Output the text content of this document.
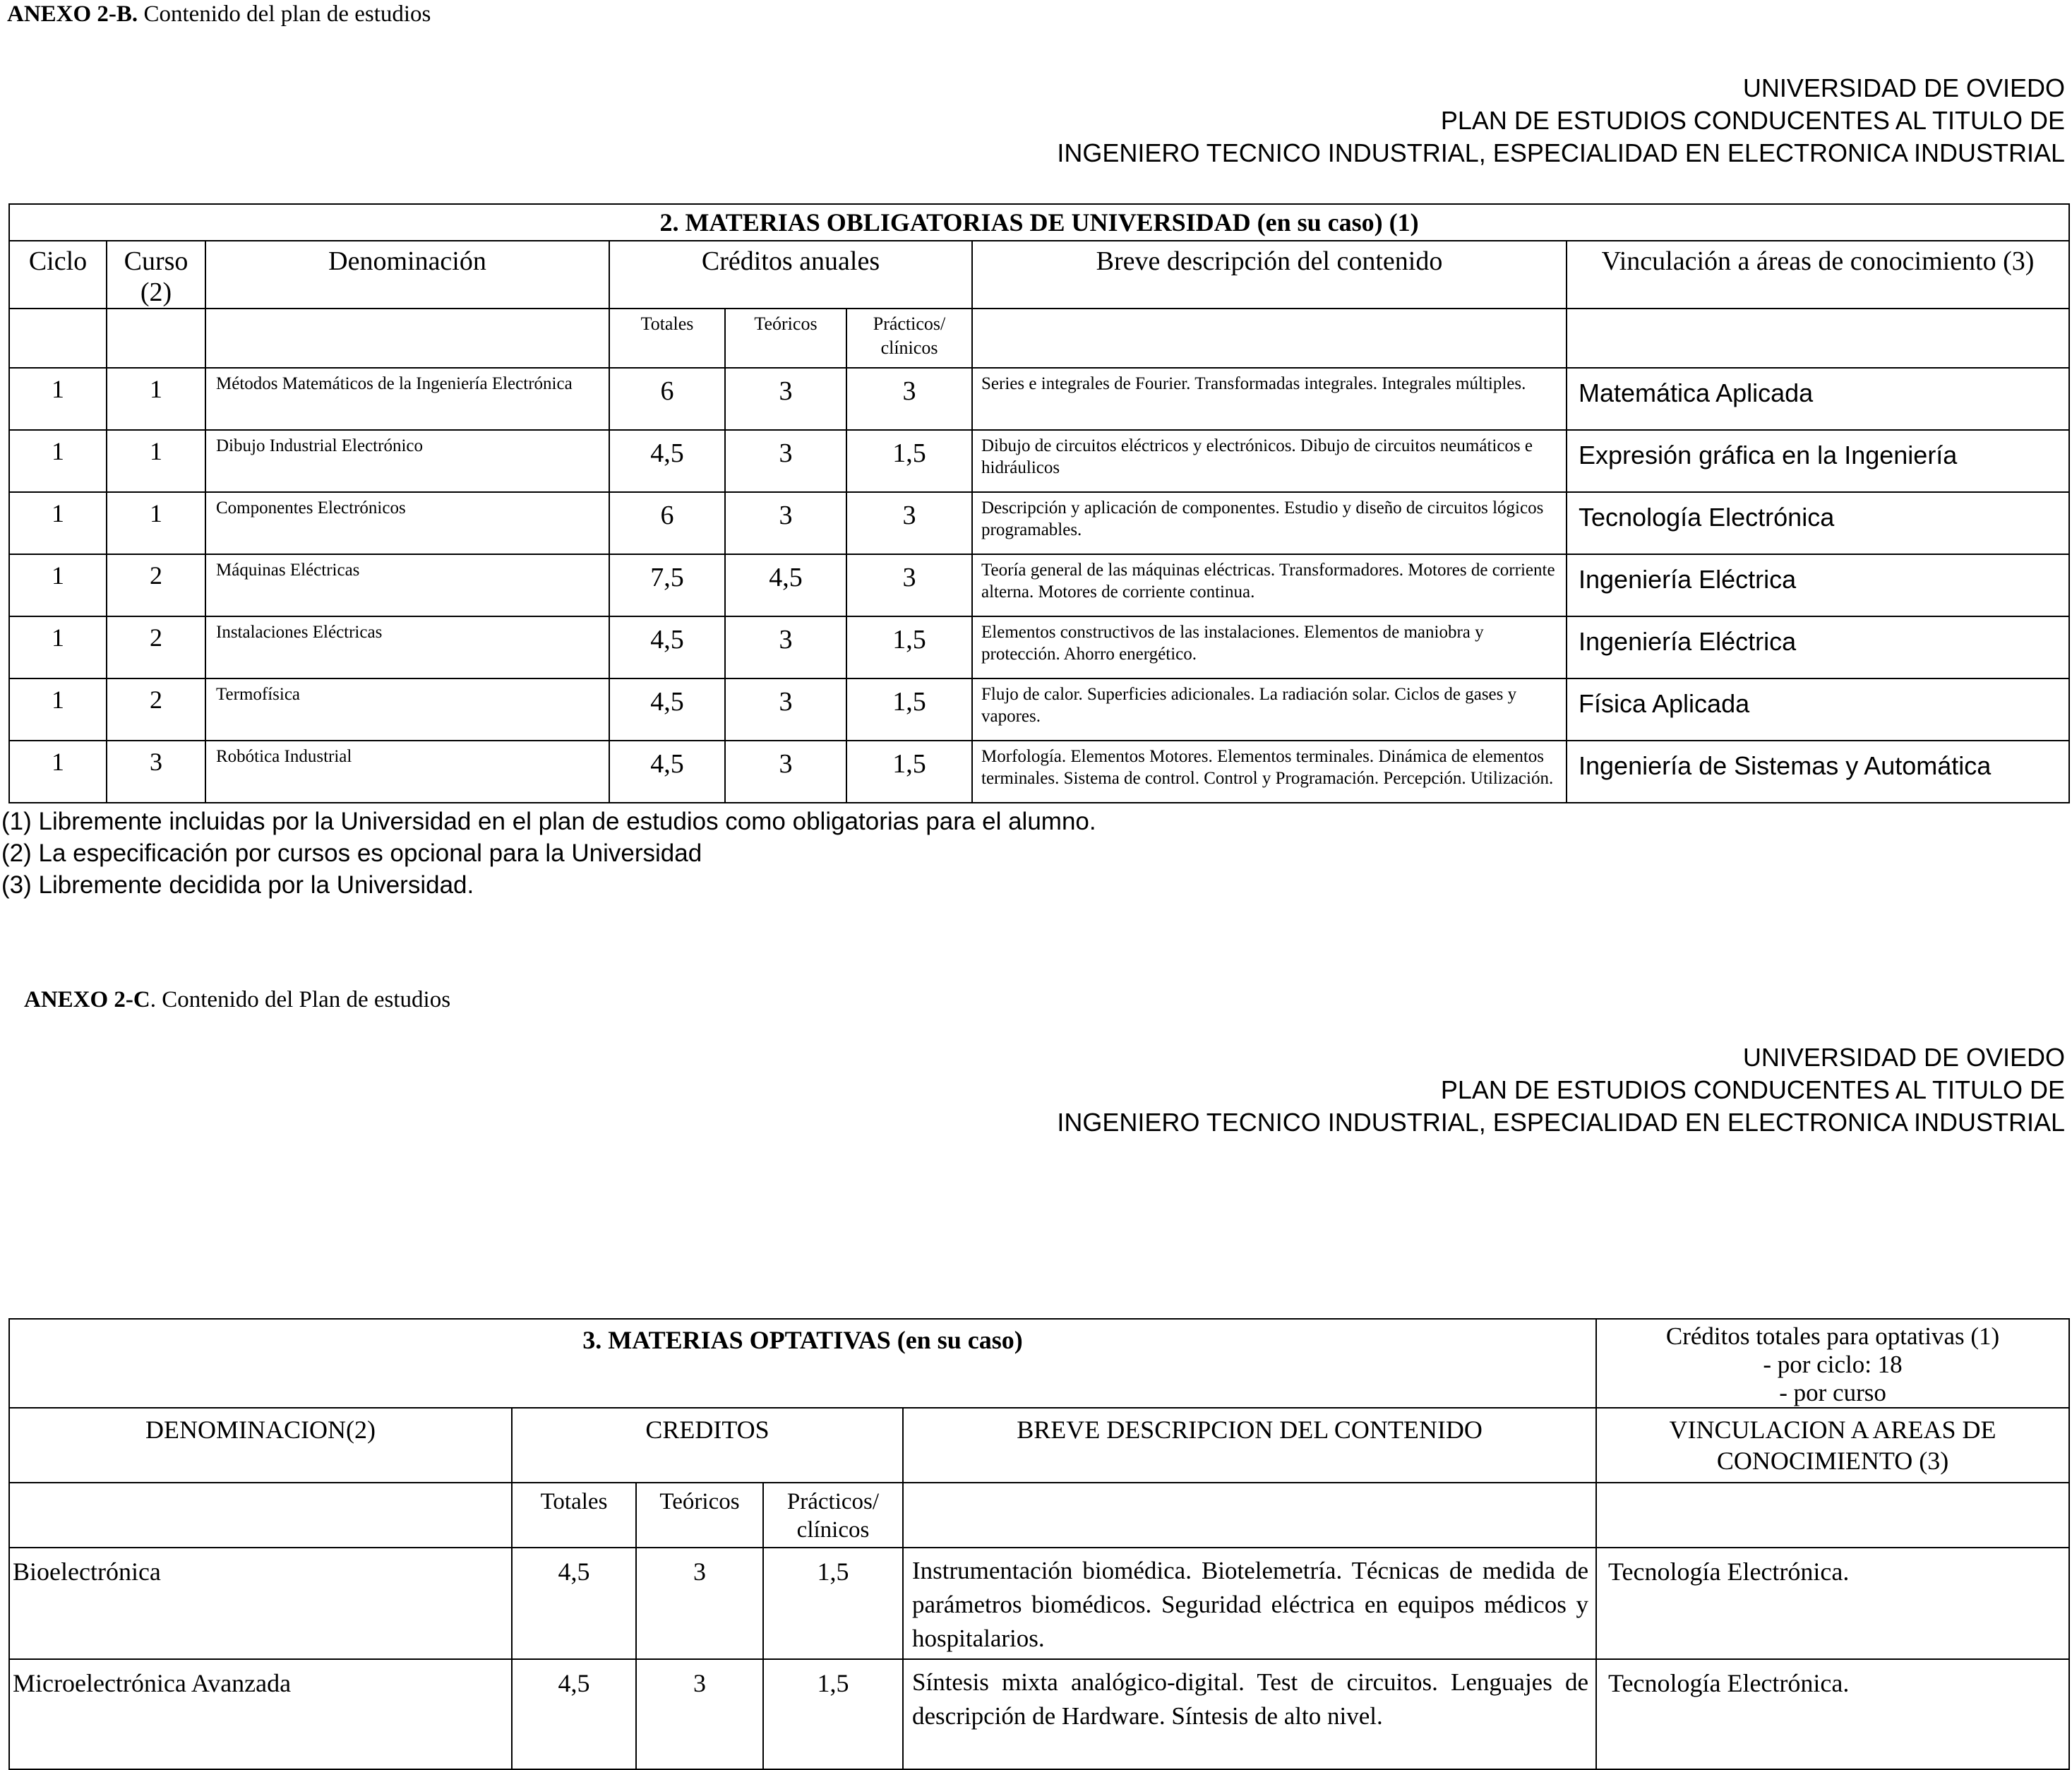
ANEXO 2-B. Contenido del plan de estudios
UNIVERSIDAD DE OVIEDO
PLAN DE ESTUDIOS CONDUCENTES AL TITULO DE
INGENIERO TECNICO INDUSTRIAL, ESPECIALIDAD EN ELECTRONICA INDUSTRIAL
2. MATERIAS OBLIGATORIAS DE UNIVERSIDAD (en su caso) (1)							
Ciclo	Curso (2)	Denominación	Créditos anuales			Breve descripción del contenido	Vinculación a áreas de conocimiento (3)
			Totales	Teóricos	Prácticos/ clínicos		
1	1	Métodos Matemáticos de la Ingeniería Electrónica	6	3	3	Series e integrales de Fourier. Transformadas integrales. Integrales múltiples.	Matemática Aplicada
1	1	Dibujo Industrial Electrónico	4,5	3	1,5	Dibujo de circuitos eléctricos y electrónicos. Dibujo de circuitos neumáticos e hidráulicos	Expresión gráfica en la Ingeniería
1	1	Componentes Electrónicos	6	3	3	Descripción y aplicación de componentes. Estudio y diseño de circuitos lógicos programables.	Tecnología Electrónica
1	2	Máquinas Eléctricas	7,5	4,5	3	Teoría general de las máquinas eléctricas. Transformadores. Motores de corriente alterna. Motores de corriente continua.	Ingeniería Eléctrica
1	2	Instalaciones Eléctricas	4,5	3	1,5	Elementos constructivos de las instalaciones. Elementos de maniobra y protección. Ahorro energético.	Ingeniería Eléctrica
1	2	Termofísica	4,5	3	1,5	Flujo de calor. Superficies adicionales. La radiación solar. Ciclos de gases y vapores.	Física Aplicada
1	3	Robótica Industrial	4,5	3	1,5	Morfología. Elementos Motores. Elementos terminales. Dinámica de elementos terminales. Sistema de control. Control y Programación. Percepción. Utilización.	Ingeniería de Sistemas y Automática
(1) Libremente incluidas por la Universidad en el plan de estudios como obligatorias para el alumno.
(2) La especificación por cursos es opcional para la Universidad
(3) Libremente decidida por la Universidad.
ANEXO 2-C. Contenido del Plan de estudios
UNIVERSIDAD DE OVIEDO
PLAN DE ESTUDIOS CONDUCENTES AL TITULO DE
INGENIERO TECNICO INDUSTRIAL, ESPECIALIDAD EN ELECTRONICA INDUSTRIAL
3. MATERIAS OPTATIVAS (en su caso)					Créditos totales para optativas (1)
- por ciclo: 18
- por curso

DENOMINACION(2)	CREDITOS			BREVE DESCRIPCION DEL CONTENIDO	VINCULACION A AREAS DE CONOCIMIENTO (3)
	Totales	Teóricos	Prácticos/ clínicos		
Bioelectrónica	4,5	3	1,5	Instrumentación biomédica. Biotelemetría. Técnicas de medida de parámetros biomédicos. Seguridad eléctrica en equipos médicos y hospitalarios.	Tecnología Electrónica.
Microelectrónica Avanzada	4,5	3	1,5	Síntesis mixta analógico-digital. Test de circuitos. Lenguajes de descripción de Hardware. Síntesis de alto nivel.	Tecnología Electrónica.
